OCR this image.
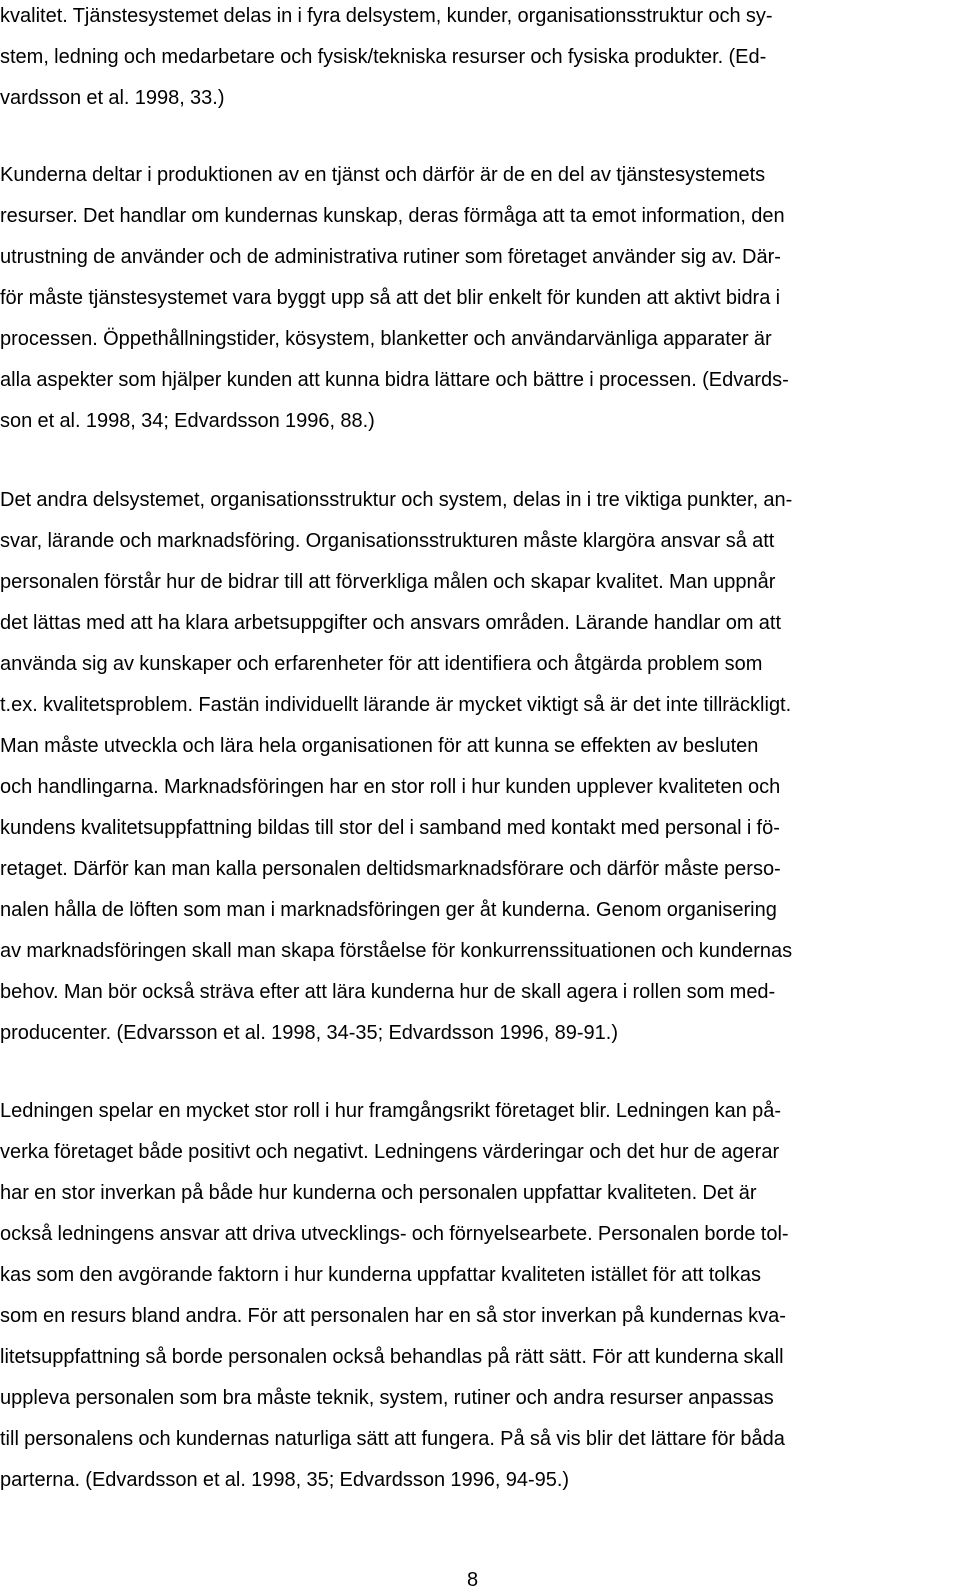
kvalitet. Tjänstesystemet delas in i fyra delsystem, kunder, organisationsstruktur och sy-
stem, ledning och medarbetare och fysisk/tekniska resurser och fysiska produkter. (Ed-
vardsson et al. 1998, 33.)
Kunderna deltar i produktionen av en tjänst och därför är de en del av tjänstesystemets
resurser. Det handlar om kundernas kunskap, deras förmåga att ta emot information, den
utrustning de använder och de administrativa rutiner som företaget använder sig av. Där-
för måste tjänstesystemet vara byggt upp så att det blir enkelt för kunden att aktivt bidra i
processen. Öppethållningstider, kösystem, blanketter och användarvänliga apparater är
alla aspekter som hjälper kunden att kunna bidra lättare och bättre i processen. (Edvards-
son et al. 1998, 34; Edvardsson 1996, 88.)
Det andra delsystemet, organisationsstruktur och system, delas in i tre viktiga punkter, an-
svar, lärande och marknadsföring. Organisationsstrukturen måste klargöra ansvar så att
personalen förstår hur de bidrar till att förverkliga målen och skapar kvalitet. Man uppnår
det lättas med att ha klara arbetsuppgifter och ansvars områden. Lärande handlar om att
använda sig av kunskaper och erfarenheter för att identifiera och åtgärda problem som
t.ex. kvalitetsproblem. Fastän individuellt lärande är mycket viktigt så är det inte tillräckligt.
Man måste utveckla och lära hela organisationen för att kunna se effekten av besluten
och handlingarna. Marknadsföringen har en stor roll i hur kunden upplever kvaliteten och
kundens kvalitetsuppfattning bildas till stor del i samband med kontakt med personal i fö-
retaget. Därför kan man kalla personalen deltidsmarknadsförare och därför måste perso-
nalen hålla de löften som man i marknadsföringen ger åt kunderna. Genom organisering
av marknadsföringen skall man skapa förståelse för konkurrenssituationen och kundernas
behov. Man bör också sträva efter att lära kunderna hur de skall agera i rollen som med-
producenter. (Edvarsson et al. 1998, 34-35; Edvardsson 1996, 89-91.)
Ledningen spelar en mycket stor roll i hur framgångsrikt företaget blir. Ledningen kan på-
verka företaget både positivt och negativt. Ledningens värderingar och det hur de agerar
har en stor inverkan på både hur kunderna och personalen uppfattar kvaliteten. Det är
också ledningens ansvar att driva utvecklings- och förnyelsearbete. Personalen borde tol-
kas som den avgörande faktorn i hur kunderna uppfattar kvaliteten istället för att tolkas
som en resurs bland andra. För att personalen har en så stor inverkan på kundernas kva-
litetsuppfattning så borde personalen också behandlas på rätt sätt. För att kunderna skall
uppleva personalen som bra måste teknik, system, rutiner och andra resurser anpassas
till personalens och kundernas naturliga sätt att fungera. På så vis blir det lättare för båda
parterna. (Edvardsson et al. 1998, 35; Edvardsson 1996, 94-95.)
8
